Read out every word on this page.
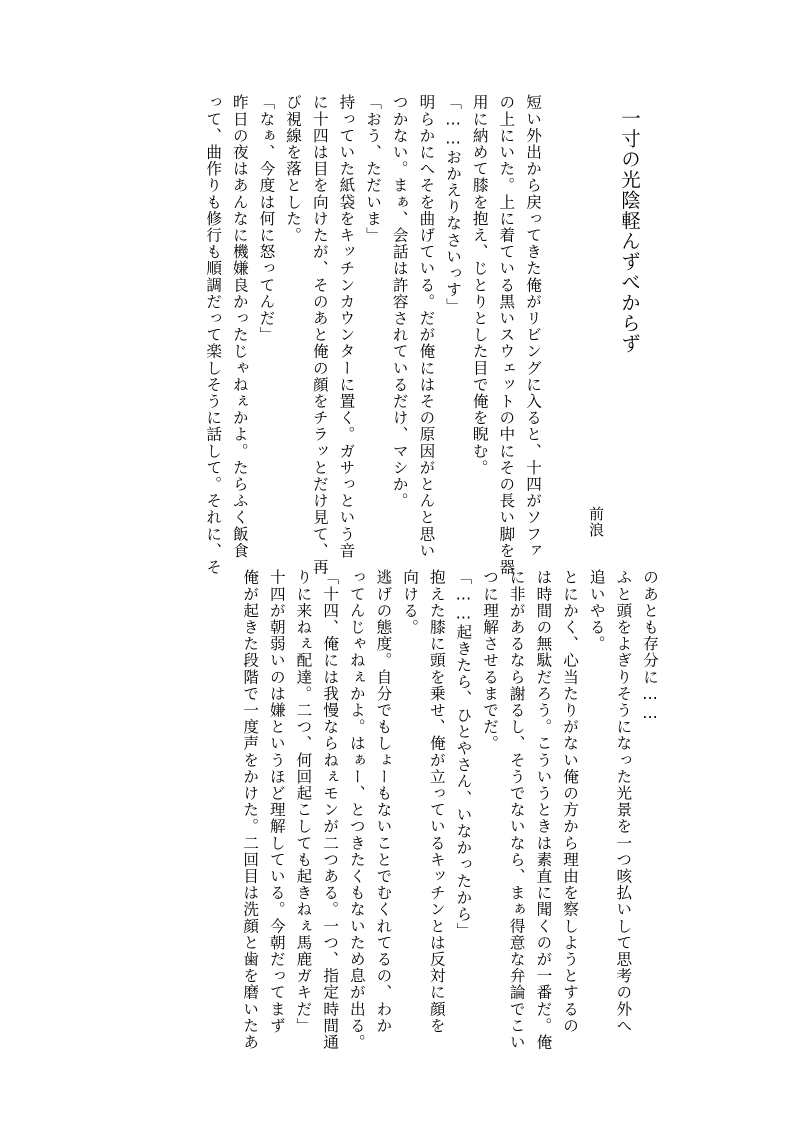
一寸の光陰軽んずべからず
前浪
短い外出から戻ってきた俺がリビングに入ると、十四がソファ
の上にいた。上に着ている黒いスウェットの中にその長い脚を器
用に納めて膝を抱え、じとりとした目で俺を睨む。
「……おかえりなさいっす」
明らかにへそを曲げている。だが俺にはその原因がとんと思い
つかない。まぁ、会話は許容されているだけ、マシか。
「おう、ただいま」
持っていた紙袋をキッチンカウンターに置く。ガサっという音
に十四は目を向けたが、そのあと俺の顔をチラッとだけ見て、再
び視線を落とした。
「なぁ、今度は何に怒ってんだ」
昨日の夜はあんなに機嫌良かったじゃねぇかよ。たらふく飯食
って、曲作りも修行も順調だって楽しそうに話して。それに、そ
のあとも存分に……
ふと頭をよぎりそうになった光景を一つ咳払いして思考の外へ
追いやる。
とにかく、心当たりがない俺の方から理由を察しようとするの
は時間の無駄だろう。こういうときは素直に聞くのが一番だ。俺
に非があるなら謝るし、そうでないなら、まぁ得意な弁論でこい
つに理解させるまでだ。
「……起きたら、ひとやさん、いなかったから」
抱えた膝に頭を乗せ、俺が立っているキッチンとは反対に顔を
向ける。
逃げの態度。自分でもしょーもないことでむくれてるの、わか
ってんじゃねぇかよ。はぁー、とつきたくもないため息が出る。
「十四、俺には我慢ならねぇモンが二つある。一つ、指定時間通
りに来ねぇ配達。二つ、何回起こしても起きねぇ馬鹿ガキだ」
十四が朝弱いのは嫌というほど理解している。今朝だってまず
俺が起きた段階で一度声をかけた。二回目は洗顔と歯を磨いたあ
